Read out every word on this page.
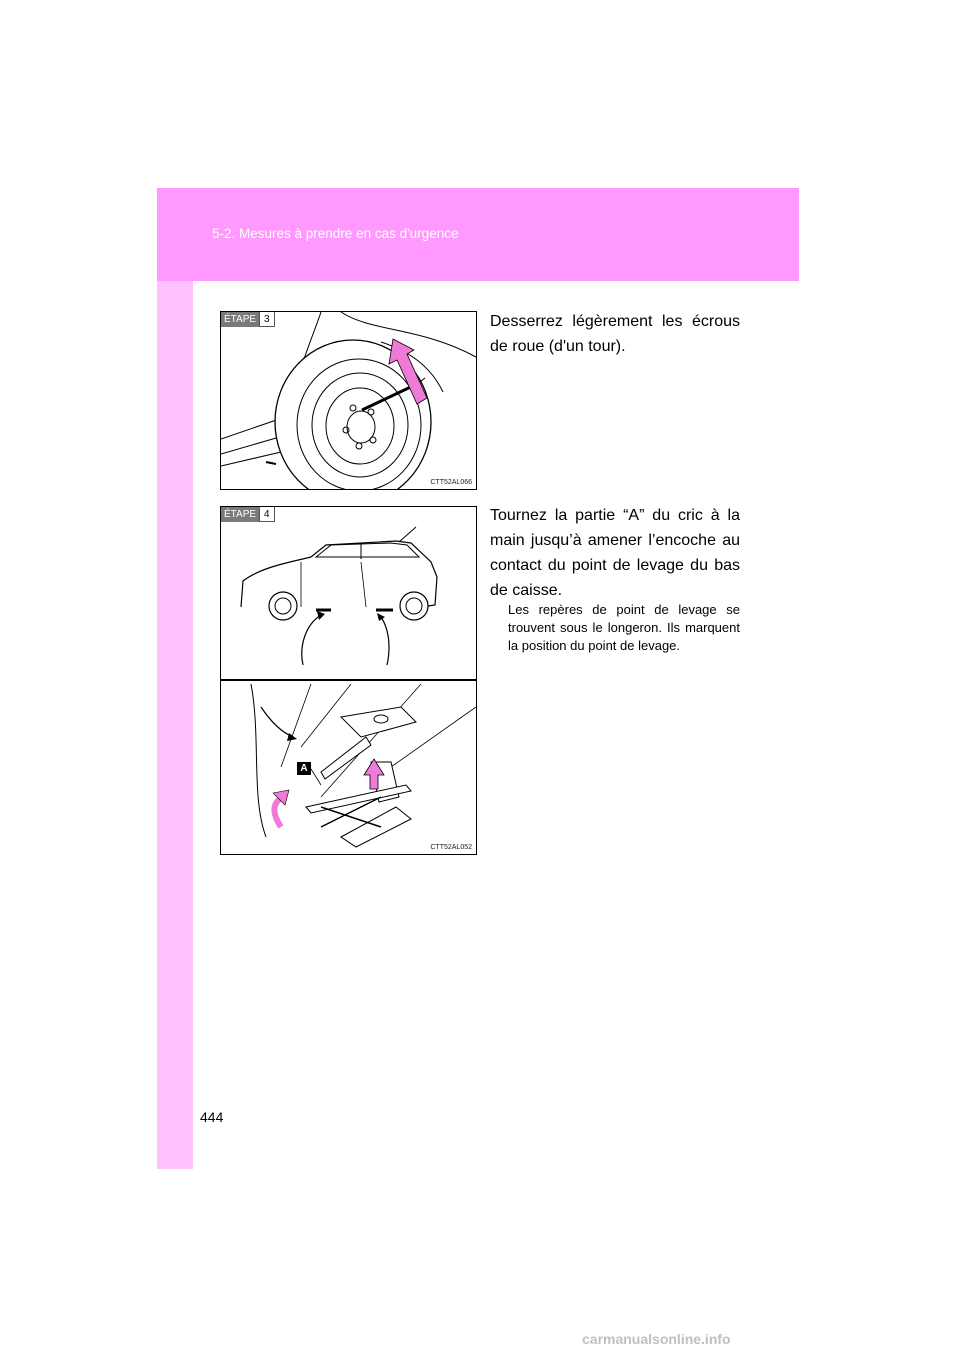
5-2. Mesures à prendre en cas d'urgence
ÉTAPE 3
CTT52AL066
Desserrez légèrement les écrous de roue (d'un tour).
A
ÉTAPE 4
CTT52AL052
Tournez la partie “A” du cric à la main jusqu’à amener l’encoche au contact du point de levage du bas de caisse.
Les repères de point de levage se trouvent sous le longeron. Ils marquent la position du point de levage.
444
carmanualsonline.info
